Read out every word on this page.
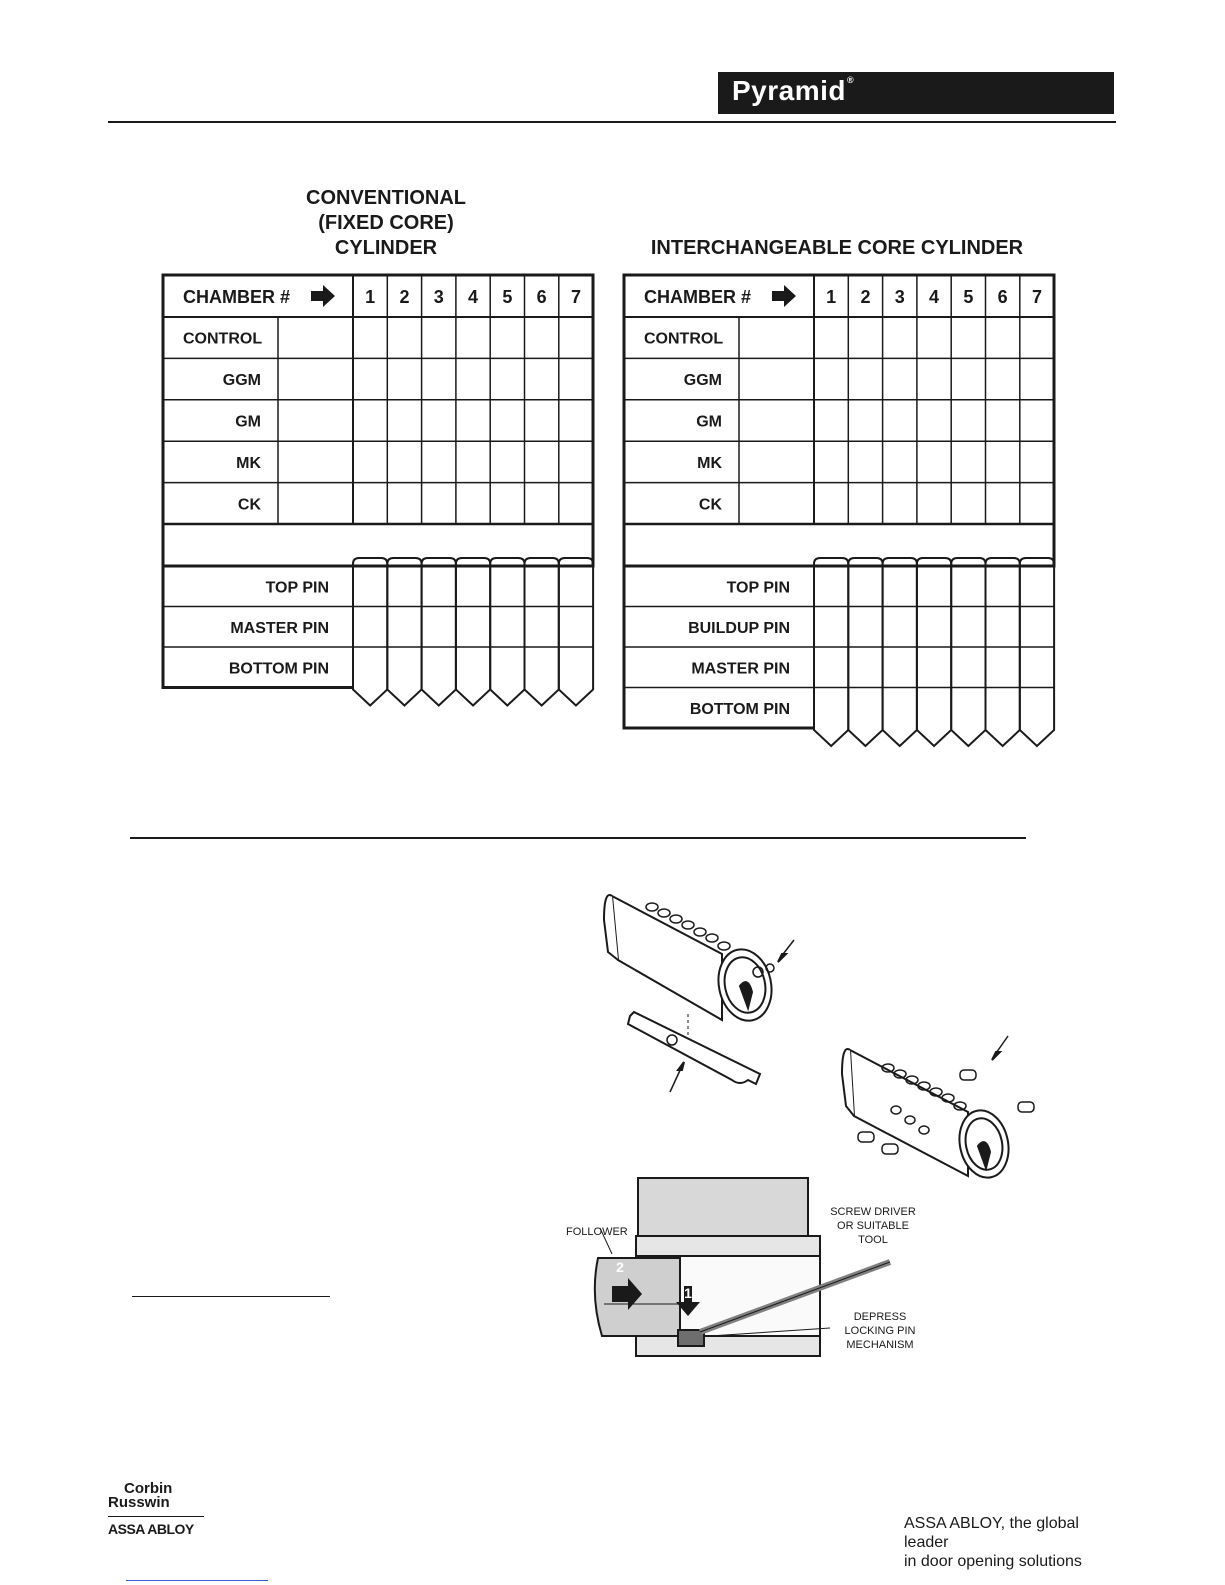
Pyramid®
CONVENTIONAL
(FIXED CORE)
CYLINDER	INTERCHANGEABLE CORE CYLINDER
CHAMBER #	1 2 3 4 5 6 7
CONTROL
GGM
GM
MK
CK
TOP PIN
MASTER PIN
BOTTOM PIN
CHAMBER #	1 2 3 4 5 6 7
CONTROL
GGM
GM
MK
CK
TOP PIN
BUILDUP PIN
MASTER PIN
BOTTOM PIN
2
1
FOLLOWER
SCREW DRIVER
OR SUITABLE
TOOL
DEPRESS
LOCKING PIN
MECHANISM
Corbin
Russwin
ASSA ABLOY	ASSA ABLOY, the global leader
in door opening solutions
